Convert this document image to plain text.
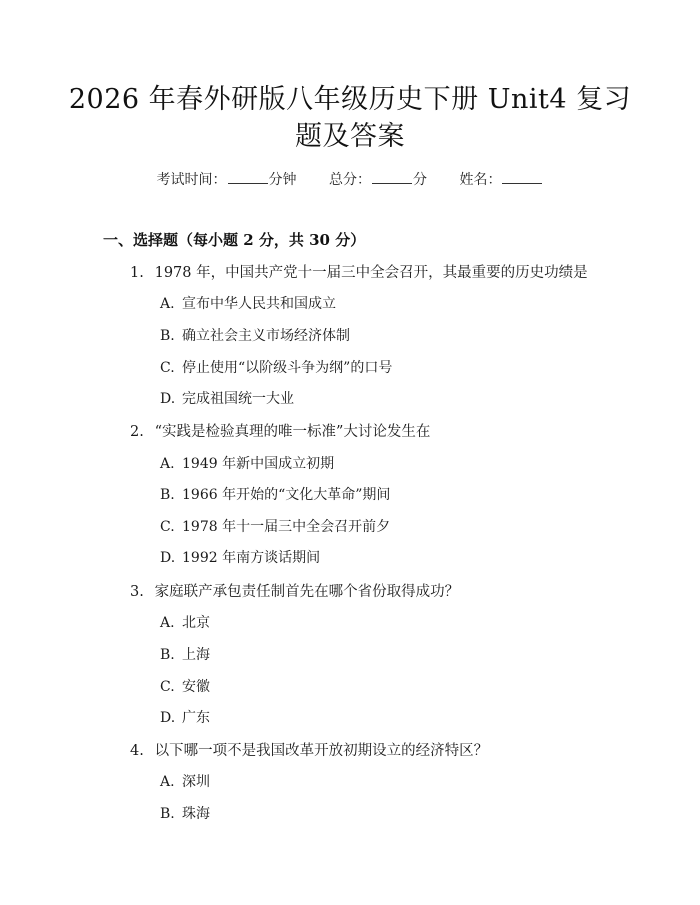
2026 年春外研版八年级历史下册 Unit4 复习
题及答案
考试时间：	分钟 总分：	分 姓名：
一、选择题（每小题 2 分，共 30 分）
1. 1978 年，中国共产党十一届三中全会召开，其最重要的历史功绩是
A. 宣布中华人民共和国成立
B. 确立社会主义市场经济体制
C. 停止使用“以阶级斗争为纲”的口号
D. 完成祖国统一大业
2. “实践是检验真理的唯一标准”大讨论发生在
A. 1949 年新中国成立初期
B. 1966 年开始的“文化大革命”期间
C. 1978 年十一届三中全会召开前夕
D. 1992 年南方谈话期间
3. 家庭联产承包责任制首先在哪个省份取得成功？
A. 北京
B. 上海
C. 安徽
D. 广东
4. 以下哪一项不是我国改革开放初期设立的经济特区？
A. 深圳
B. 珠海
